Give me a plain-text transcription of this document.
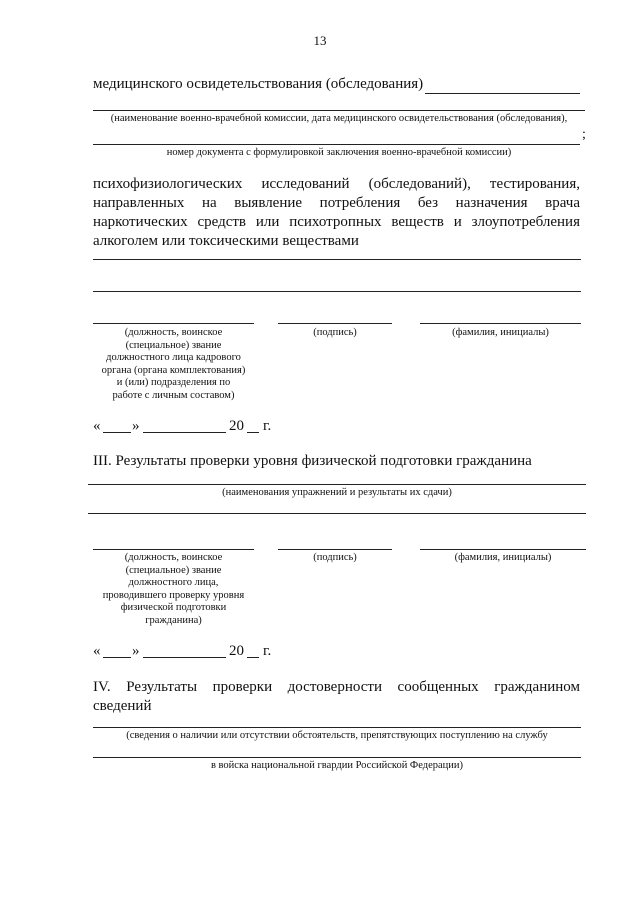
13
медицинского освидетельствования (обследования)
(наименование военно-врачебной комиссии, дата медицинского освидетельствования (обследования),
;
номер документа с формулировкой заключения военно-врачебной комиссии)
психофизиологических исследований (обследований), тестирования,
направленных на выявление потребления без назначения врача
наркотических средств или психотропных веществ и злоупотребления
алкоголем или токсическими веществами
(должность, воинское
(специальное) звание
должностного лица кадрового
органа (органа комплектования)
и (или) подразделения по
работе с личным составом)
(подпись)	(фамилия, инициалы)
« »	20 г.
III. Результаты проверки уровня физической подготовки гражданина
(наименования упражнений и результаты их сдачи)
(должность, воинское
(специальное) звание
должностного лица,
проводившего проверку уровня
физической подготовки
гражданина)
(подпись)	(фамилия, инициалы)
« »	20 г.
IV. Результаты проверки достоверности сообщенных гражданином
сведений
(сведения о наличии или отсутствии обстоятельств, препятствующих поступлению на службу
в войска национальной гвардии Российской Федерации)
